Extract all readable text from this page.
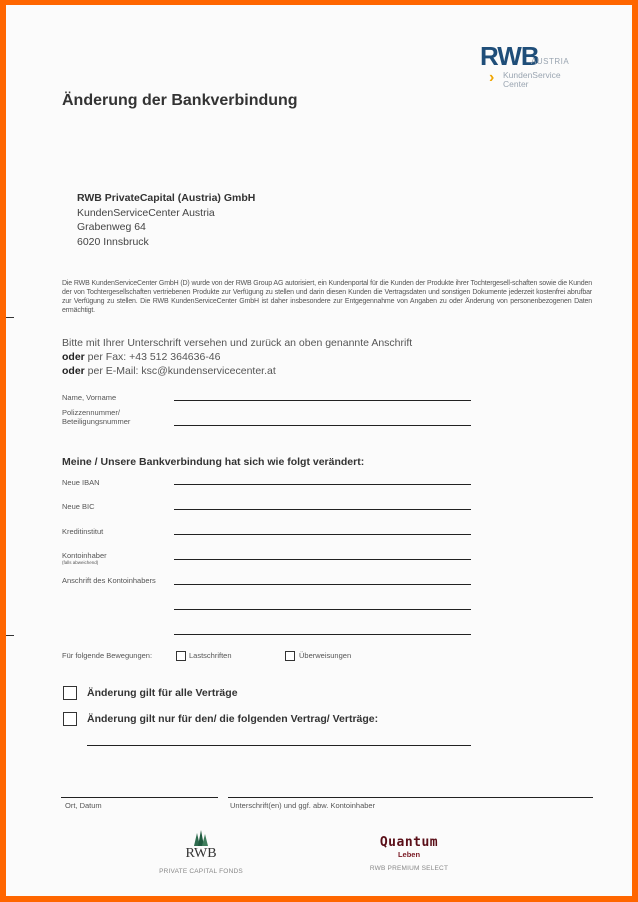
RWB
AUSTRIA
› KundenService
Center
Änderung der Bankverbindung
RWB PrivateCapital (Austria) GmbH
KundenServiceCenter Austria
Grabenweg 64
6020 Innsbruck
Die RWB KundenServiceCenter GmbH (D) wurde von der RWB Group AG autorisiert, ein Kundenportal für die Kunden der Produkte ihrer Tochtergesell-schaften sowie die Kunden der von Tochtergesellschaften vertriebenen Produkte zur Verfügung zu stellen und darin diesen Kunden die Vertragsdaten und sonstigen Dokumente jederzeit kostenfrei abrufbar zur Verfügung zu stellen. Die RWB KundenServiceCenter GmbH ist daher insbesondere zur Entgegennahme von Angaben zu oder Änderung von personenbezogenen Daten ermächtigt.
Bitte mit Ihrer Unterschrift versehen und zurück an oben genannte Anschrift
oder per Fax: +43 512 364636-46
oder per E-Mail: ksc@kundenservicecenter.at
Name, Vorname
Polizzennummer/
Beteiligungsnummer
Meine / Unsere Bankverbindung hat sich wie folgt verändert:
Neue IBAN
Neue BIC
Kreditinstitut
Kontoinhaber
(falls abweichend)
Anschrift des Kontoinhabers
Für folgende Bewegungen:	Lastschriften	Überweisungen
Änderung gilt für alle Verträge
Änderung gilt nur für den/ die folgenden Vertrag/ Verträge:
Ort, Datum	Unterschrift(en) und ggf. abw. Kontoinhaber
RWB
PRIVATE CAPITAL FONDS
Quantum
Leben
RWB PREMIUM SELECT
